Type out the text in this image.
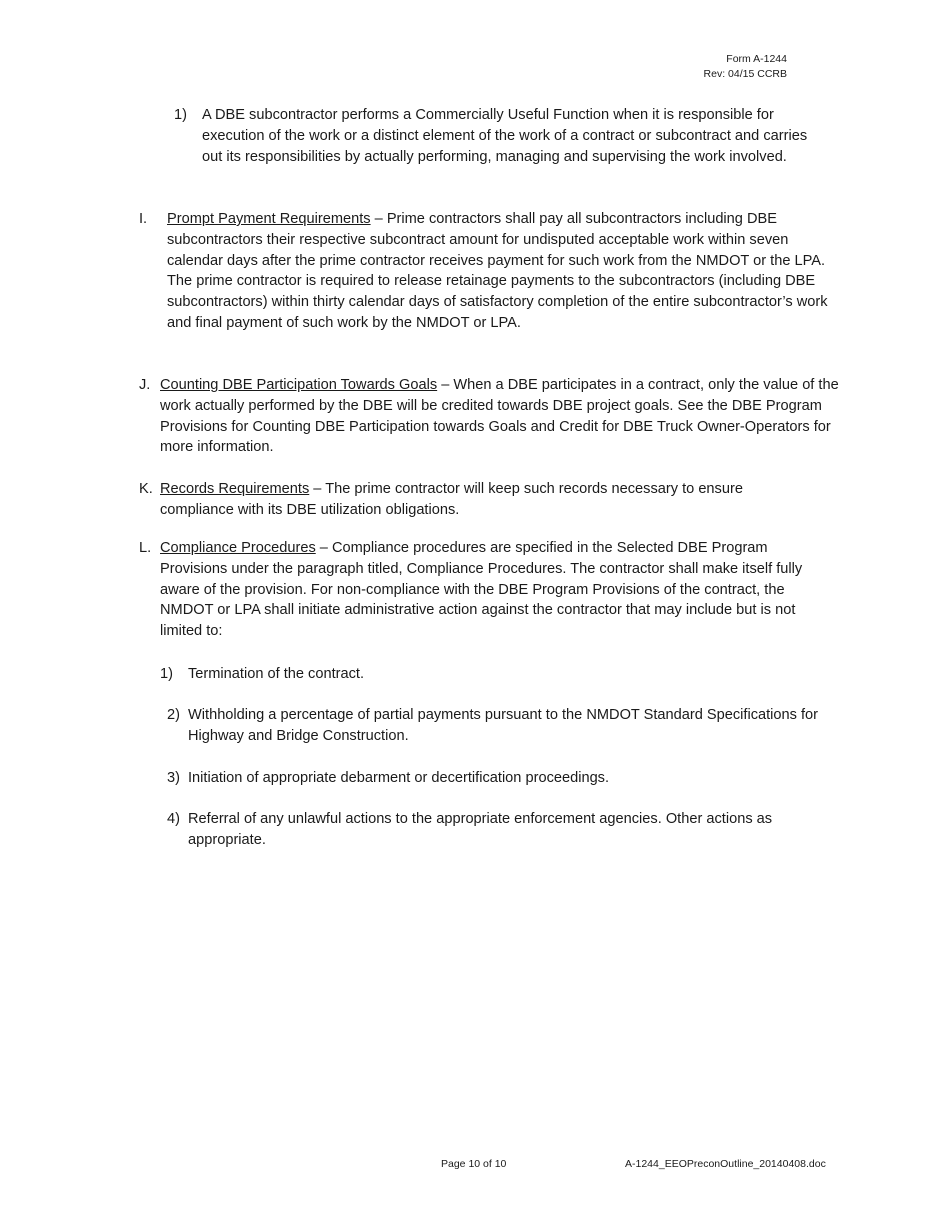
Form A-1244
Rev: 04/15 CCRB
1) A DBE subcontractor performs a Commercially Useful Function when it is responsible for execution of the work or a distinct element of the work of a contract or subcontract and carries out its responsibilities by actually performing, managing and supervising the work involved.
I. Prompt Payment Requirements – Prime contractors shall pay all subcontractors including DBE subcontractors their respective subcontract amount for undisputed acceptable work within seven calendar days after the prime contractor receives payment for such work from the NMDOT or the LPA. The prime contractor is required to release retainage payments to the subcontractors (including DBE subcontractors) within thirty calendar days of satisfactory completion of the entire subcontractor’s work and final payment of such work by the NMDOT or LPA.
J. Counting DBE Participation Towards Goals – When a DBE participates in a contract, only the value of the work actually performed by the DBE will be credited towards DBE project goals. See the DBE Program Provisions for Counting DBE Participation towards Goals and Credit for DBE Truck Owner-Operators for more information.
K. Records Requirements – The prime contractor will keep such records necessary to ensure compliance with its DBE utilization obligations.
L. Compliance Procedures – Compliance procedures are specified in the Selected DBE Program Provisions under the paragraph titled, Compliance Procedures. The contractor shall make itself fully aware of the provision. For non-compliance with the DBE Program Provisions of the contract, the NMDOT or LPA shall initiate administrative action against the contractor that may include but is not limited to:
1) Termination of the contract.
2) Withholding a percentage of partial payments pursuant to the NMDOT Standard Specifications for Highway and Bridge Construction.
3) Initiation of appropriate debarment or decertification proceedings.
4) Referral of any unlawful actions to the appropriate enforcement agencies. Other actions as appropriate.
Page 10 of 10	A-1244_EEOPreconOutline_20140408.doc
